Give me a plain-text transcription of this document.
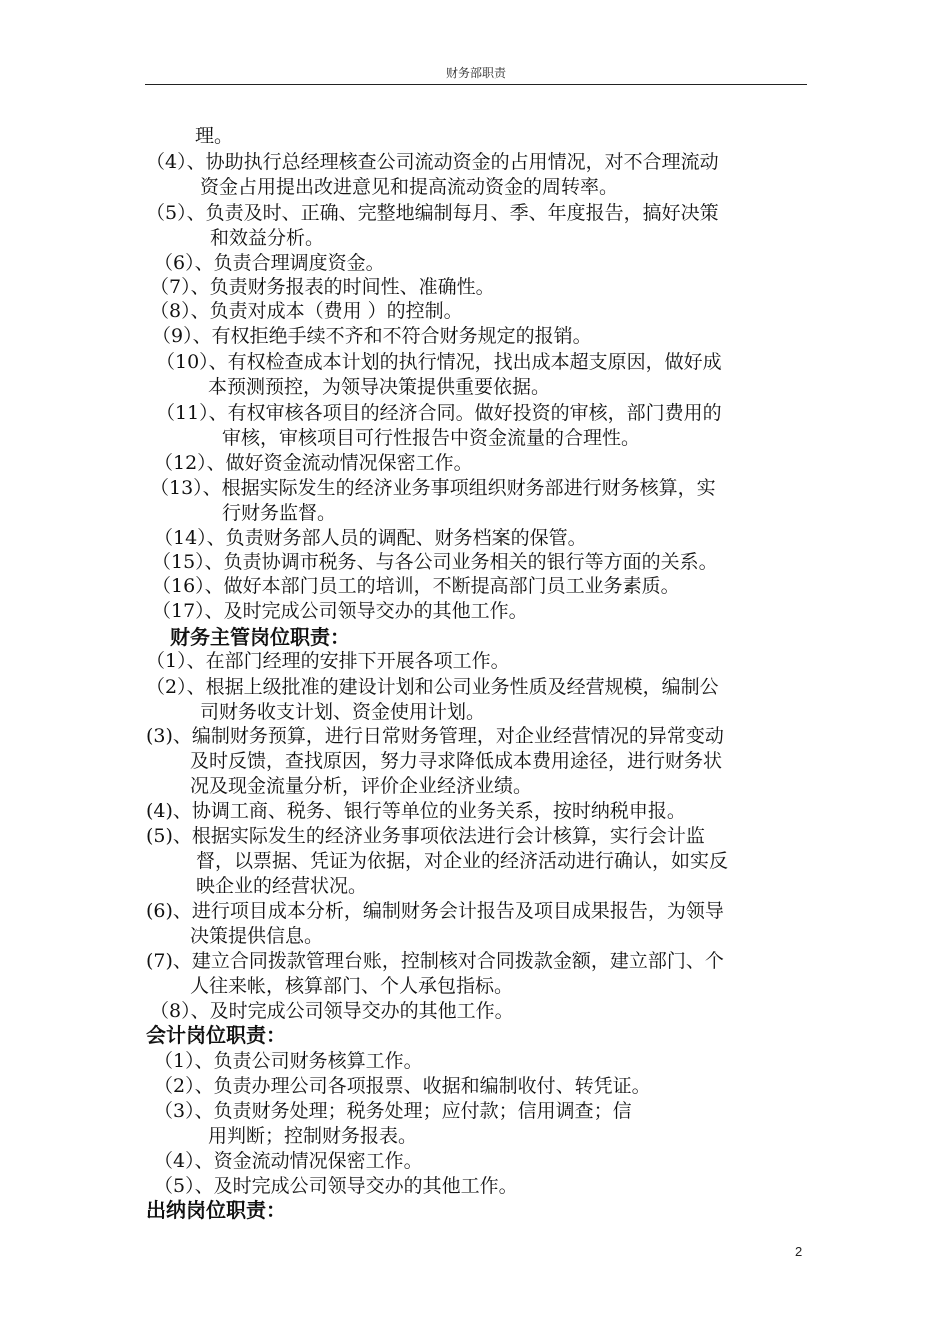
财务部职责
理。
（4）、协助执行总经理核查公司流动资金的占用情况，对不合理流动
资金占用提出改进意见和提高流动资金的周转率。
（5）、负责及时、正确、完整地编制每月、季、年度报告，搞好决策
和效益分析。
（6）、负责合理调度资金。
（7）、负责财务报表的时间性、准确性。
（8）、负责对成本（费用 ）的控制。
（9）、有权拒绝手续不齐和不符合财务规定的报销。
（10）、有权检查成本计划的执行情况，找出成本超支原因，做好成
本预测预控，为领导决策提供重要依据。
（11）、有权审核各项目的经济合同。做好投资的审核，部门费用的
审核，审核项目可行性报告中资金流量的合理性。
（12）、做好资金流动情况保密工作。
（13）、根据实际发生的经济业务事项组织财务部进行财务核算，实
行财务监督。
（14）、负责财务部人员的调配、财务档案的保管。
（15）、负责协调市税务、与各公司业务相关的银行等方面的关系。
（16）、做好本部门员工的培训，不断提高部门员工业务素质。
（17）、及时完成公司领导交办的其他工作。
（1）、在部门经理的安排下开展各项工作。
（2）、根据上级批准的建设计划和公司业务性质及经营规模，编制公
司财务收支计划、资金使用计划。
(3)、编制财务预算，进行日常财务管理，对企业经营情况的异常变动
及时反馈，查找原因，努力寻求降低成本费用途径，进行财务状
况及现金流量分析，评价企业经济业绩。
(4)、协调工商、税务、银行等单位的业务关系，按时纳税申报。
(5)、根据实际发生的经济业务事项依法进行会计核算，实行会计监
督，以票据、凭证为依据，对企业的经济活动进行确认，如实反
映企业的经营状况。
(6)、进行项目成本分析，编制财务会计报告及项目成果报告，为领导
决策提供信息。
(7)、建立合同拨款管理台账，控制核对合同拨款金额，建立部门、个
人往来帐，核算部门、个人承包指标。
（8）、及时完成公司领导交办的其他工作。
（1）、负责公司财务核算工作。
（2）、负责办理公司各项报票、收据和编制收付、转凭证。
（3）、负责财务处理；税务处理；应付款；信用调查；信
用判断；控制财务报表。
（4）、资金流动情况保密工作。
（5）、及时完成公司领导交办的其他工作。
财务主管岗位职责：
会计岗位职责：
出纳岗位职责：
2
